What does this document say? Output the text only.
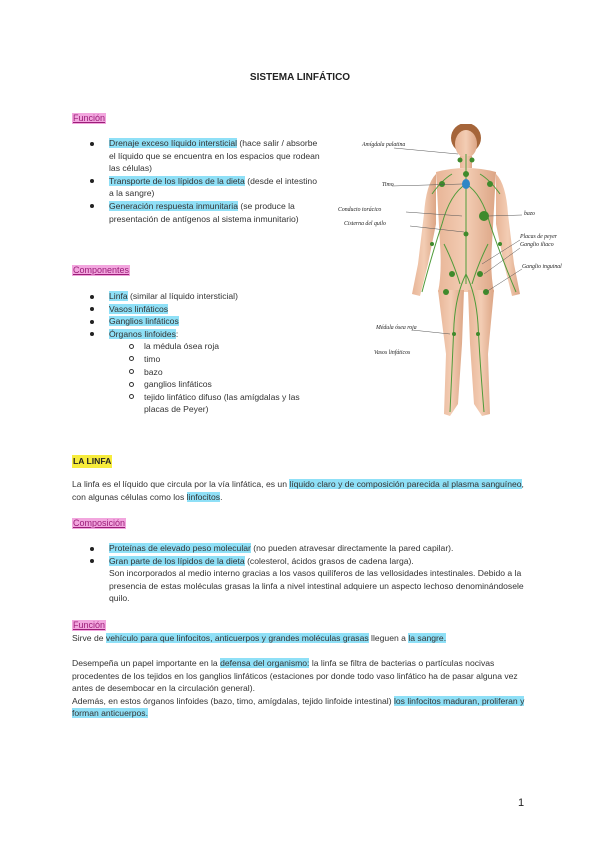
SISTEMA LINFÁTICO
Función
Drenaje exceso líquido intersticial (hace salir / absorbe el líquido que se encuentra en los espacios que rodean las células)
Transporte de los lípidos de la dieta (desde el intestino a la sangre)
Generación respuesta inmunitaria (se produce la presentación de antígenos al sistema inmunitario)
Componentes
Linfa (similar al líquido intersticial)
Vasos linfáticos
Ganglios linfáticos
Órganos linfoides:
la médula ósea roja
timo
bazo
ganglios linfáticos
tejido linfático difuso (las amígdalas y las placas de Peyer)
Amígdala palatina
Timo
Conducto torácico
Cisterna del quilo
bazo
Placas de peyer
Ganglio iliaco
Ganglio inguinal
Médula ósea roja
Vasos linfáticos
LA LINFA
La linfa es el líquido que circula por la vía linfática, es un líquido claro y de composición parecida al plasma sanguíneo, con algunas células como los linfocitos.
Composición
Proteínas de elevado peso molecular (no pueden atravesar directamente la pared capilar).
Gran parte de los lípidos de la dieta (colesterol, ácidos grasos de cadena larga).
Son incorporados al medio interno gracias a los vasos quilíferos de las vellosidades intestinales. Debido a la presencia de estas moléculas grasas la linfa a nivel intestinal adquiere un aspecto lechoso denominándosele quilo.
Función
Sirve de vehículo para que linfocitos, anticuerpos y grandes moléculas grasas lleguen a la sangre.
Desempeña un papel importante en la defensa del organismo: la linfa se filtra de bacterias o partículas nocivas procedentes de los tejidos en los ganglios linfáticos (estaciones por donde todo vaso linfático ha de pasar alguna vez antes de desembocar en la circulación general).
Además, en estos órganos linfoides (bazo, timo, amígdalas, tejido linfoide intestinal) los linfocitos maduran, proliferan y forman anticuerpos.
1
